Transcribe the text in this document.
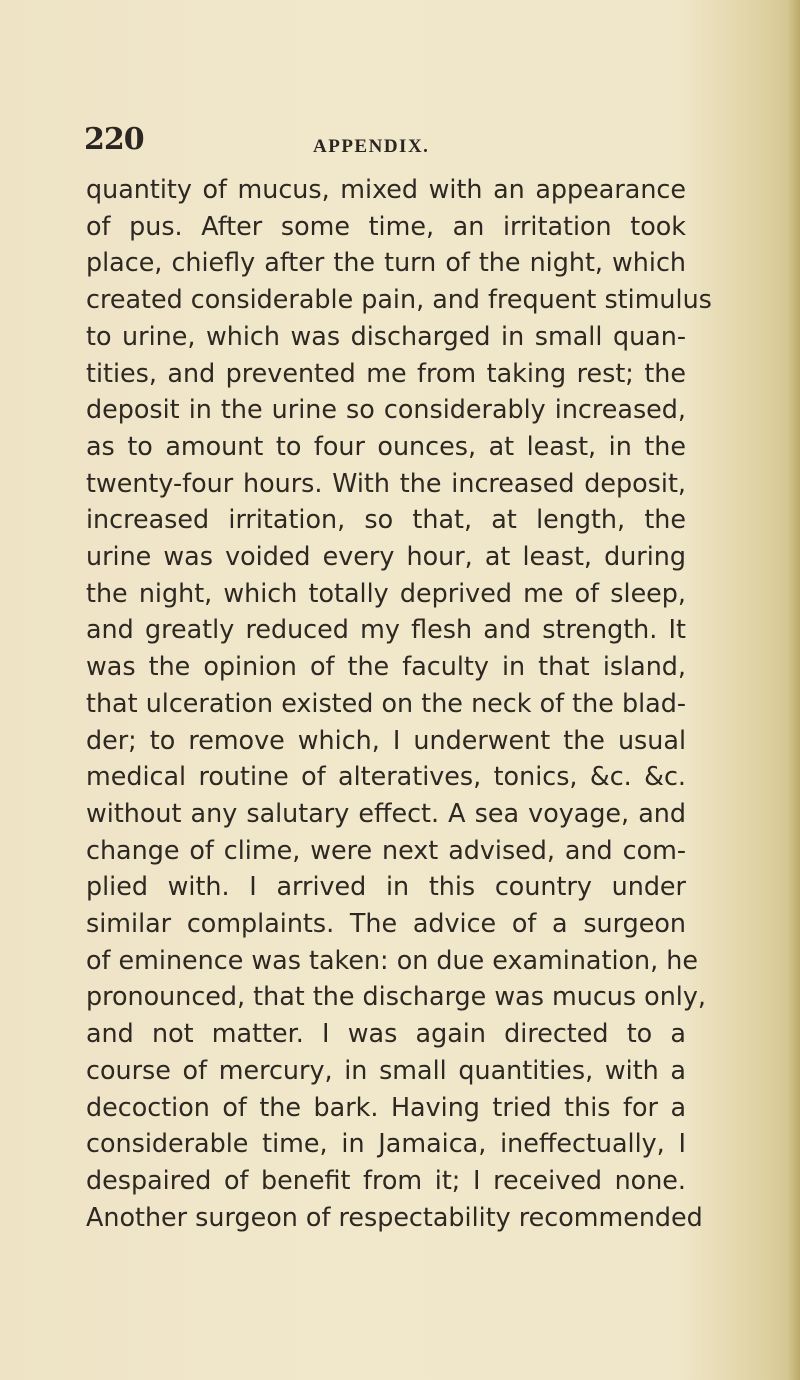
220	APPENDIX.
quantity of mucus, mixed with an appearance
of pus. After some time, an irritation took
place, chiefly after the turn of the night, which
created considerable pain, and frequent stimulus
to urine, which was discharged in small quan-
tities, and prevented me from taking rest; the
deposit in the urine so considerably increased,
as to amount to four ounces, at least, in the
twenty-four hours. With the increased deposit,
increased irritation, so that, at length, the
urine was voided every hour, at least, during
the night, which totally deprived me of sleep,
and greatly reduced my flesh and strength. It
was the opinion of the faculty in that island,
that ulceration existed on the neck of the blad-
der; to remove which, I underwent the usual
medical routine of alteratives, tonics, &c. &c.
without any salutary effect. A sea voyage, and
change of clime, were next advised, and com-
plied with. I arrived in this country under
similar complaints. The advice of a surgeon
of eminence was taken: on due examination, he
pronounced, that the discharge was mucus only,
and not matter. I was again directed to a
course of mercury, in small quantities, with a
decoction of the bark. Having tried this for a
considerable time, in Jamaica, ineffectually, I
despaired of benefit from it; I received none.
Another surgeon of respectability recommended
